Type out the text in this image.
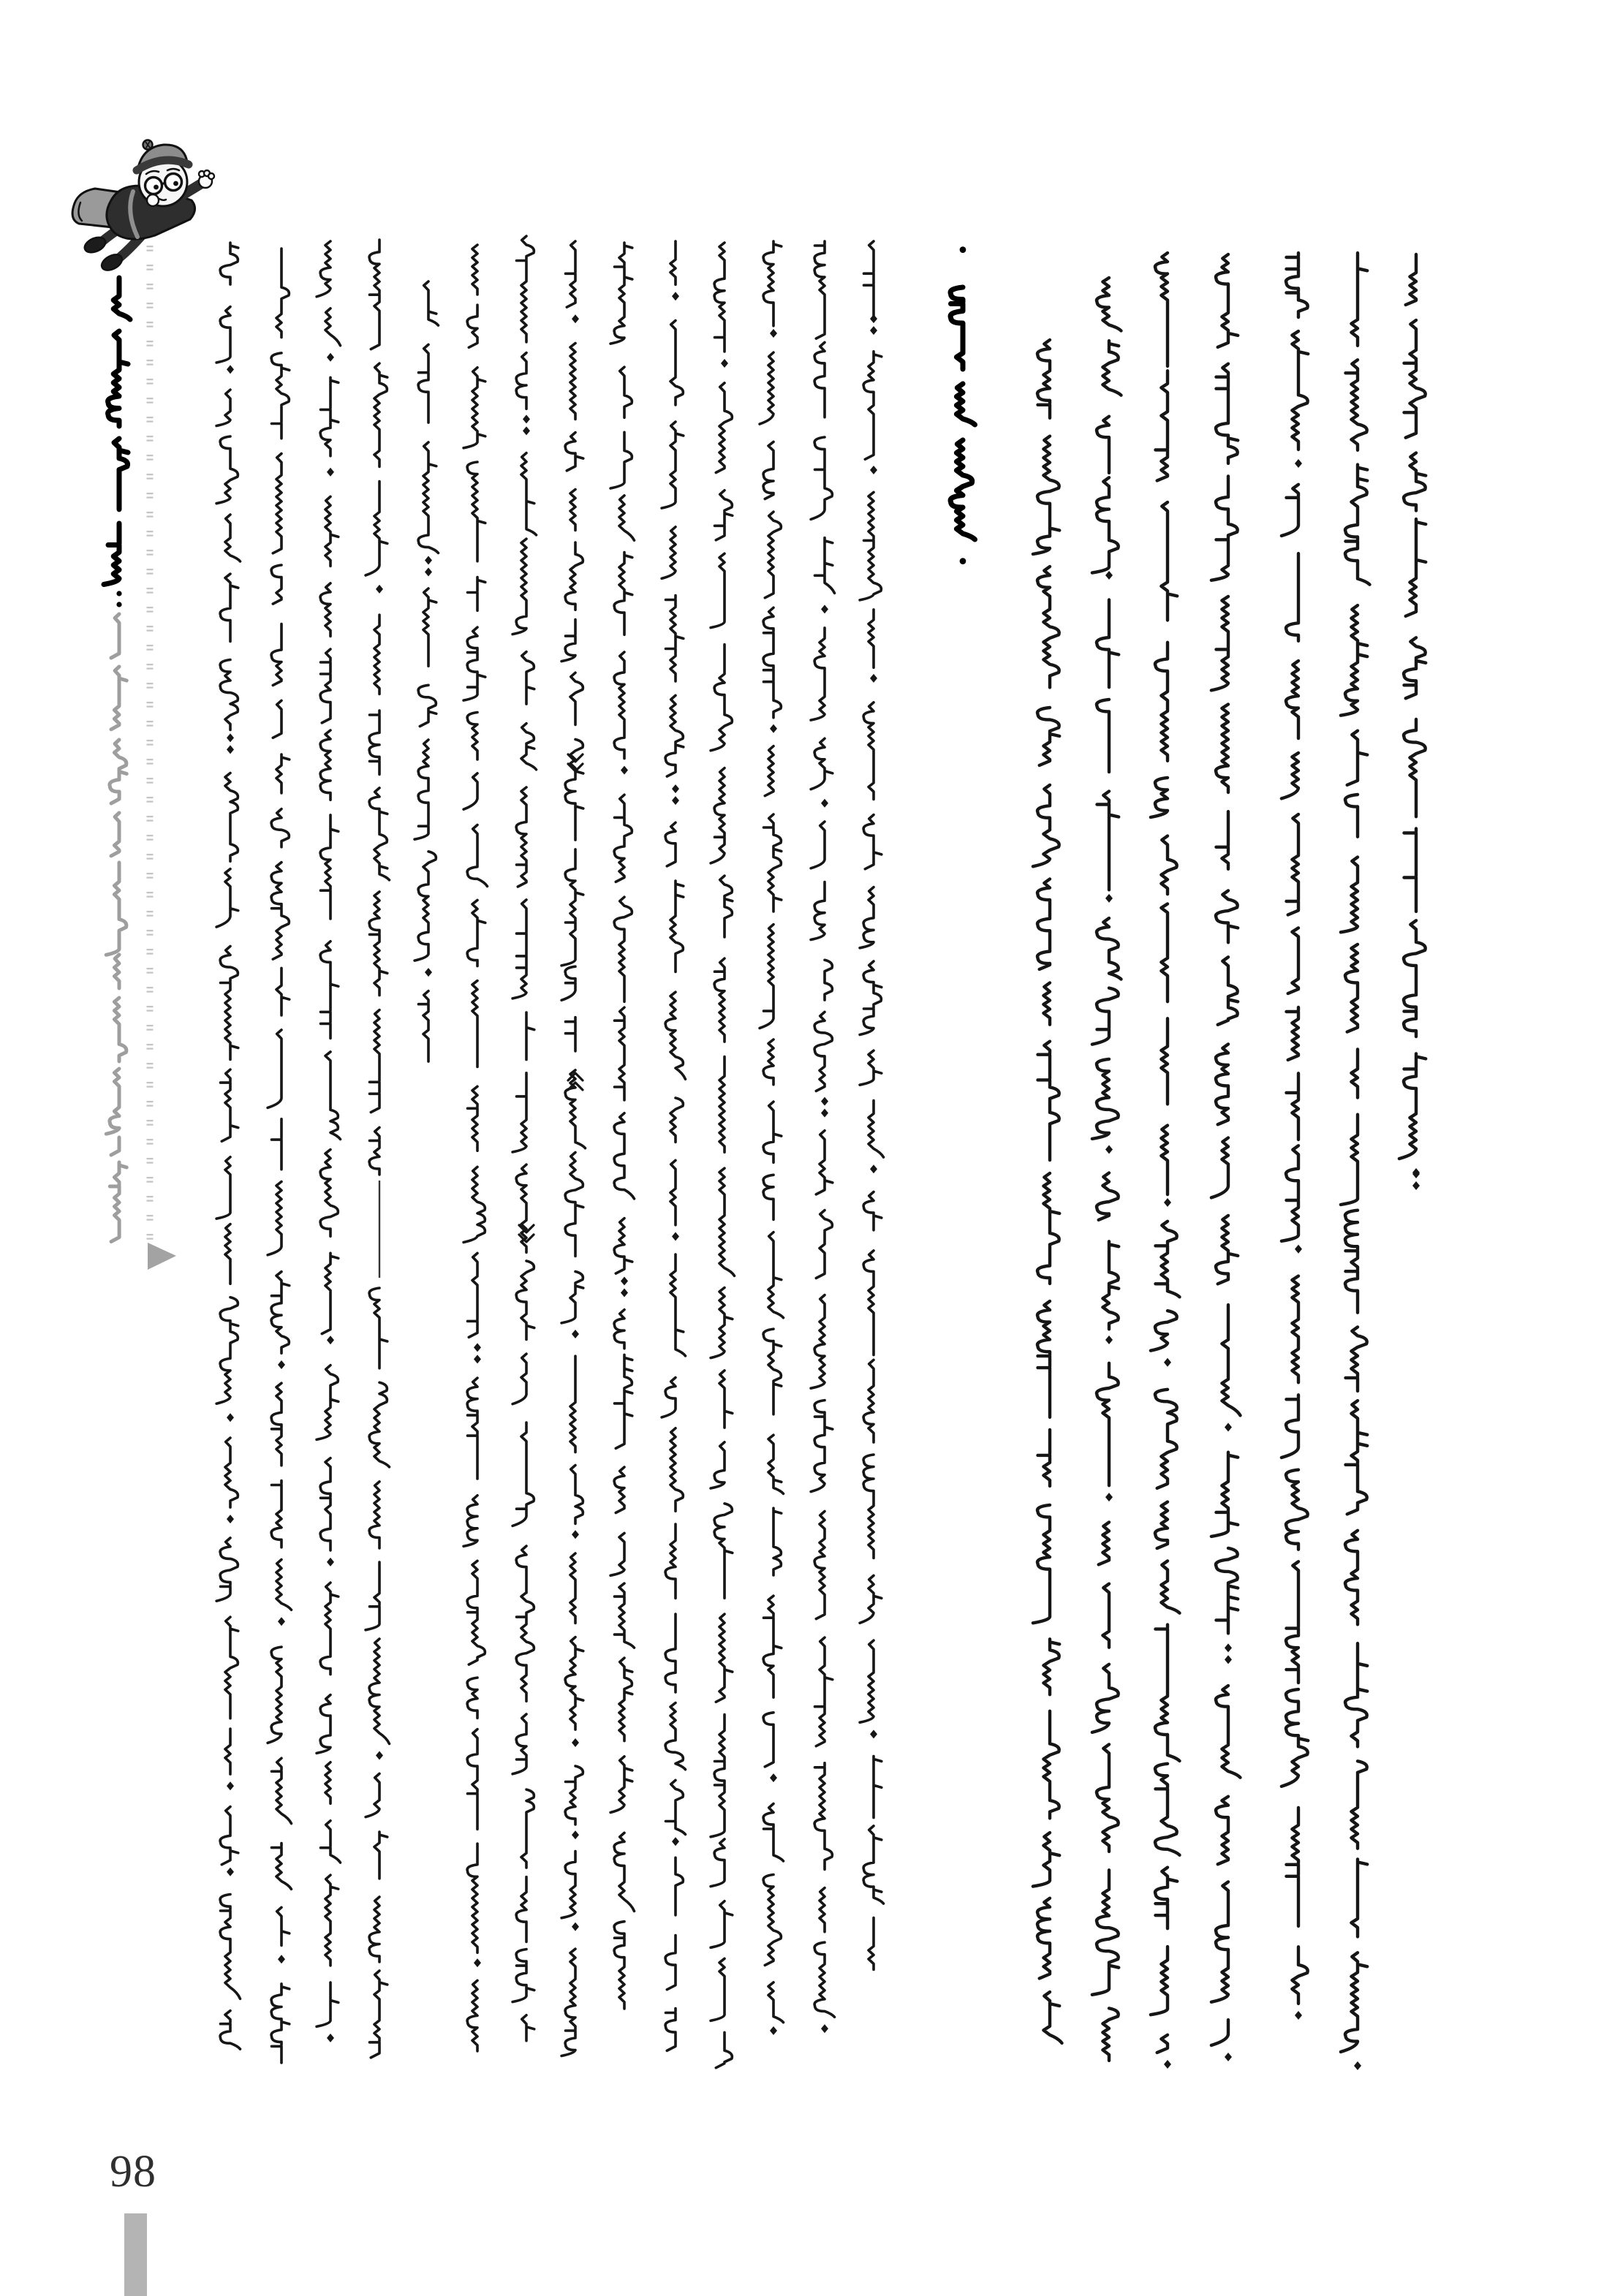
•
•
98
